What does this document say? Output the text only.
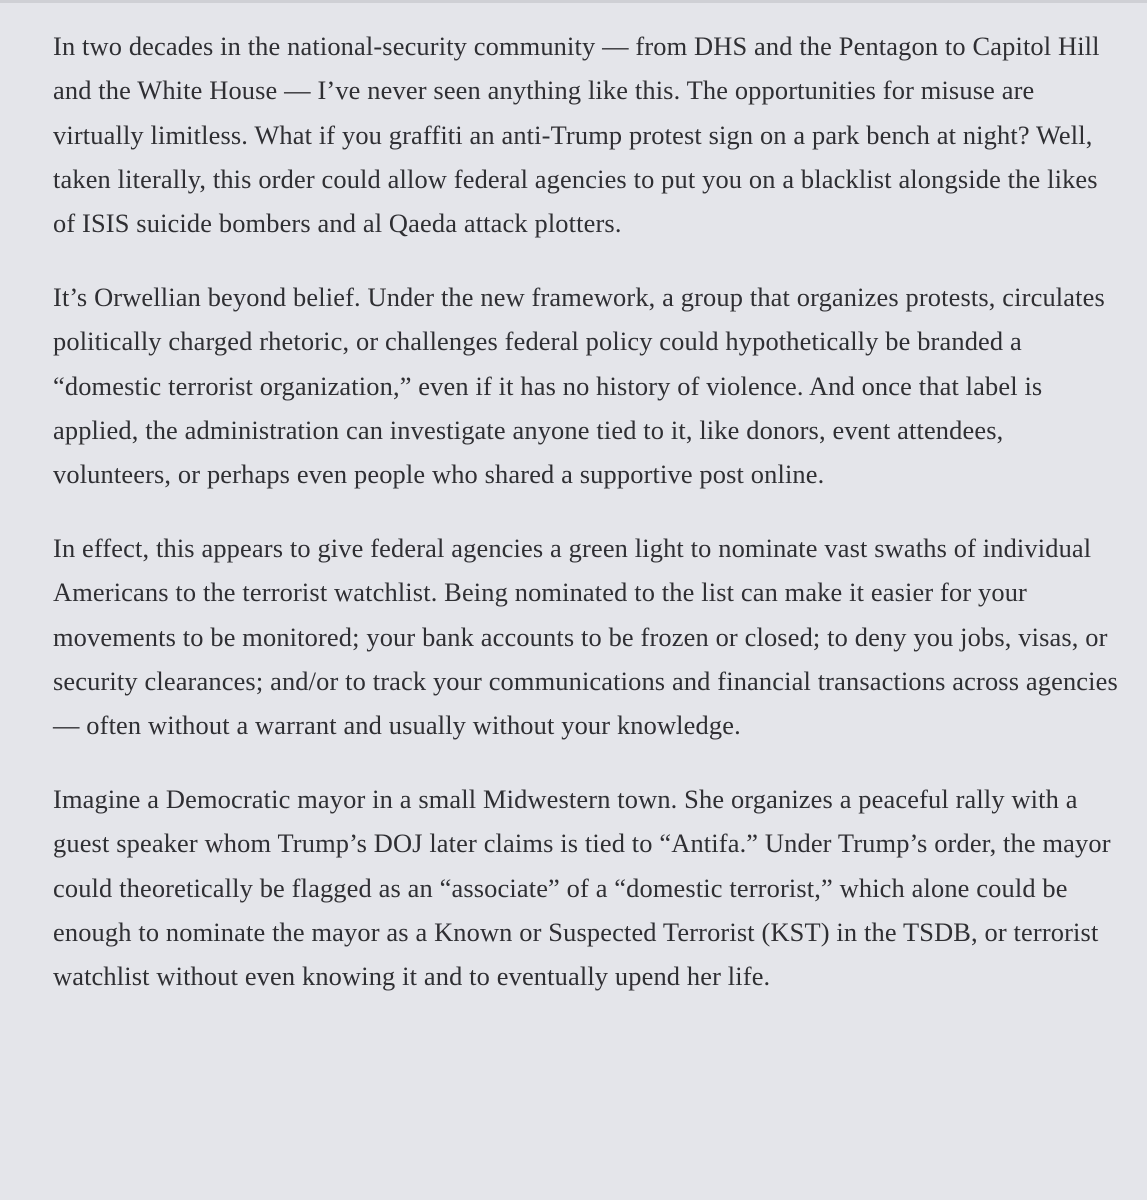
In two decades in the national-security community — from DHS and the Pentagon to Capitol Hill and the White House — I’ve never seen anything like this. The opportunities for misuse are virtually limitless. What if you graffiti an anti-Trump protest sign on a park bench at night? Well, taken literally, this order could allow federal agencies to put you on a blacklist alongside the likes of ISIS suicide bombers and al Qaeda attack plotters.

It’s Orwellian beyond belief. Under the new framework, a group that organizes protests, circulates politically charged rhetoric, or challenges federal policy could hypothetically be branded a “domestic terrorist organization,” even if it has no history of violence. And once that label is applied, the administration can investigate anyone tied to it, like donors, event attendees, volunteers, or perhaps even people who shared a supportive post online.

In effect, this appears to give federal agencies a green light to nominate vast swaths of individual Americans to the terrorist watchlist. Being nominated to the list can make it easier for your movements to be monitored; your bank accounts to be frozen or closed; to deny you jobs, visas, or security clearances; and/or to track your communications and financial transactions across agencies — often without a warrant and usually without your knowledge.

Imagine a Democratic mayor in a small Midwestern town. She organizes a peaceful rally with a guest speaker whom Trump’s DOJ later claims is tied to “Antifa.” Under Trump’s order, the mayor could theoretically be flagged as an “associate” of a “domestic terrorist,” which alone could be enough to nominate the mayor as a Known or Suspected Terrorist (KST) in the TSDB, or terrorist watchlist without even knowing it and to eventually upend her life.
